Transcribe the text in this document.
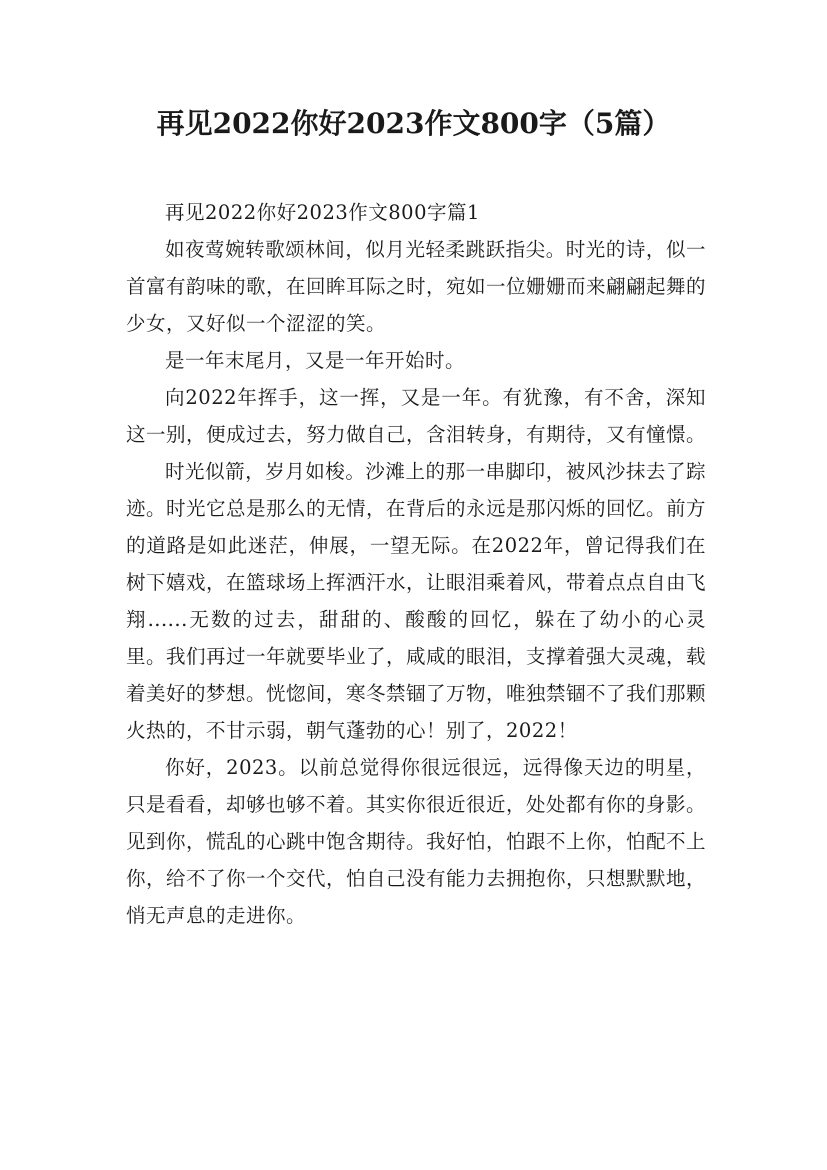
再见2022你好2023作文800字（5篇）

再见2022你好2023作文800字篇1

如夜莺婉转歌颂林间，似月光轻柔跳跃指尖。时光的诗，似一首富有韵味的歌，在回眸耳际之时，宛如一位姗姗而来翩翩起舞的少女，又好似一个涩涩的笑。

是一年末尾月，又是一年开始时。

向2022年挥手，这一挥，又是一年。有犹豫，有不舍，深知这一别，便成过去，努力做自己，含泪转身，有期待，又有憧憬。

时光似箭，岁月如梭。沙滩上的那一串脚印，被风沙抹去了踪迹。时光它总是那么的无情，在背后的永远是那闪烁的回忆。前方的道路是如此迷茫，伸展，一望无际。在2022年，曾记得我们在树下嬉戏，在篮球场上挥洒汗水，让眼泪乘着风，带着点点自由飞翔......无数的过去，甜甜的、酸酸的回忆，躲在了幼小的心灵里。我们再过一年就要毕业了，咸咸的眼泪，支撑着强大灵魂，载着美好的梦想。恍惚间，寒冬禁锢了万物，唯独禁锢不了我们那颗火热的，不甘示弱，朝气蓬勃的心！别了，2022！

你好，2023。以前总觉得你很远很远，远得像天边的明星，只是看看，却够也够不着。其实你很近很近，处处都有你的身影。见到你，慌乱的心跳中饱含期待。我好怕，怕跟不上你，怕配不上你，给不了你一个交代，怕自己没有能力去拥抱你，只想默默地，悄无声息的走进你。
